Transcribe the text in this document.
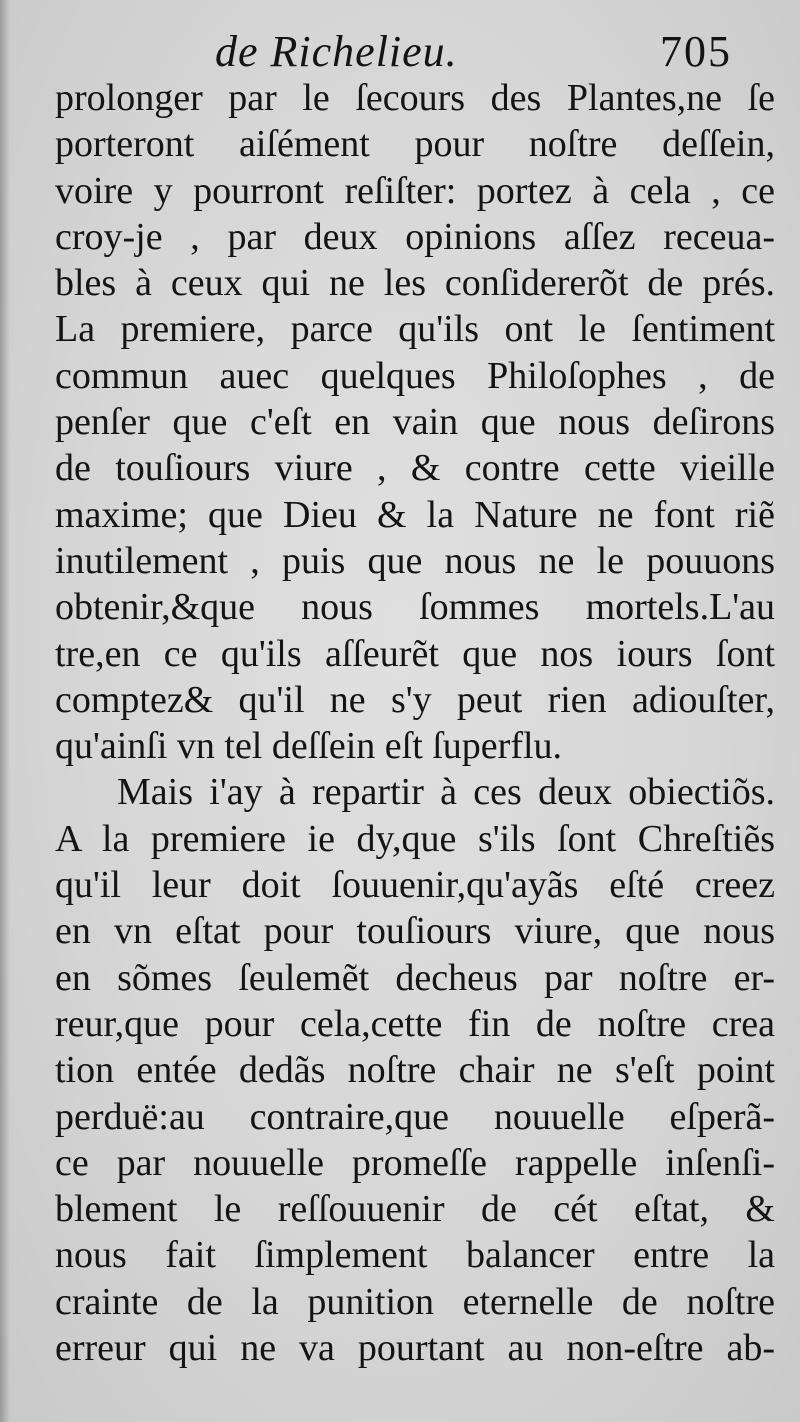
de Richelieu.	705
prolonger par le ſecours des Plantes,ne ſe
porteront aiſément pour noſtre deſſein,
voire y pourront reſiſter: portez à cela , ce
croy-je , par deux opinions aſſez receua-
bles à ceux qui ne les conſidererõt de prés.
La premiere, parce qu'ils ont le ſentiment
commun auec quelques Philoſophes , de
penſer que c'eſt en vain que nous deſirons
de touſiours viure , & contre cette vieille
maxime; que Dieu & la Nature ne font riẽ
inutilement , puis que nous ne le pouuons
obtenir,&que nous ſommes mortels.L'au
tre,en ce qu'ils aſſeurẽt que nos iours ſont
comptez& qu'il ne s'y peut rien adiouſter,
qu'ainſi vn tel deſſein eſt ſuperflu.
Mais i'ay à repartir à ces deux obiectiõs.
A la premiere ie dy,que s'ils ſont Chreſtiẽs
qu'il leur doit ſouuenir,qu'ayãs eſté creez
en vn eſtat pour touſiours viure, que nous
en sõmes ſeulemẽt decheus par noſtre er-
reur,que pour cela,cette fin de noſtre crea
tion entée dedãs noſtre chair ne s'eſt point
perduë:au contraire,que nouuelle eſperã-
ce par nouuelle promeſſe rappelle inſenſi-
blement le reſſouuenir de cét eſtat, &
nous fait ſimplement balancer entre la
crainte de la punition eternelle de noſtre
erreur qui ne va pourtant au non-eſtre ab-
